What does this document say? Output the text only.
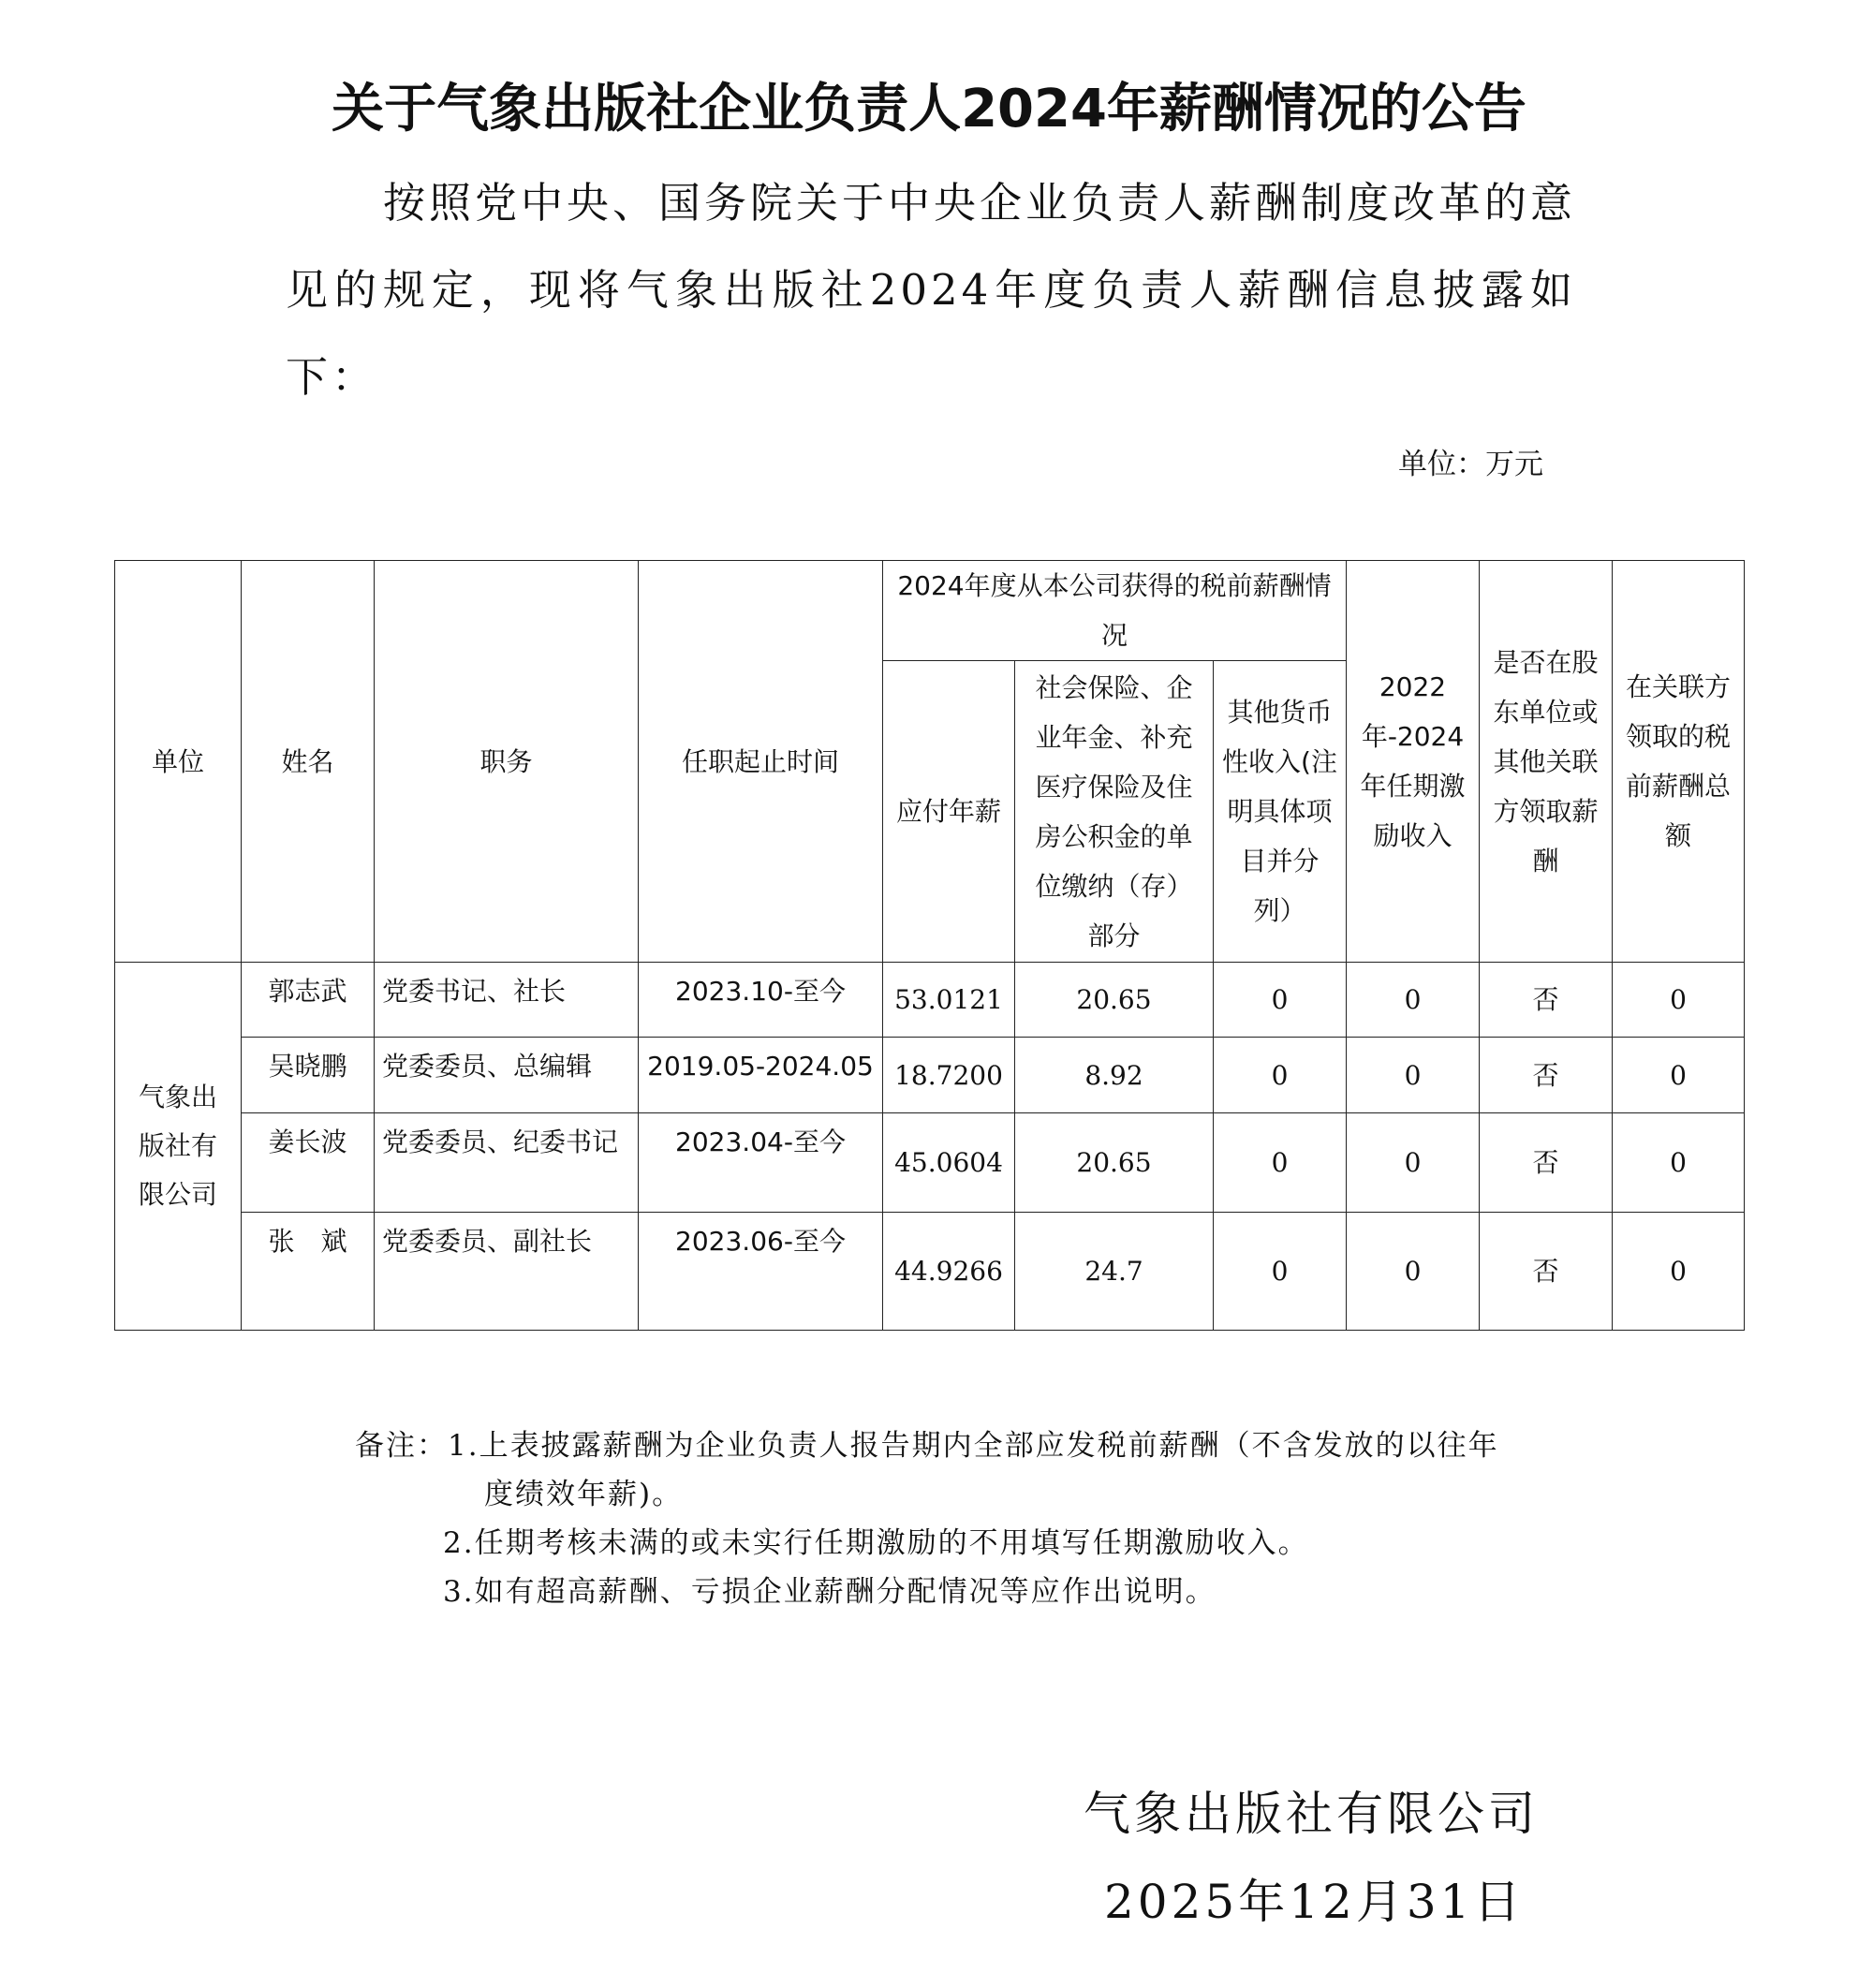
关于气象出版社企业负责人2024年薪酬情况的公告
按照党中央、国务院关于中央企业负责人薪酬制度改革的意见的规定，现将气象出版社2024年度负责人薪酬信息披露如下：
单位：万元
单位	姓名	职务	任职起止时间	2024年度从本公司获得的税前薪酬情况			2022年-2024年任期激励收入	是否在股东单位或其他关联方领取薪酬	在关联方领取的税前薪酬总额
				应付年薪	社会保险、企业年金、补充医疗保险及住房公积金的单位缴纳（存）部分	其他货币性收入(注明具体项目并分列）			
气象出版社有限公司	郭志武	党委书记、社长	2023.10-至今	53.0121	20.65	0	0	否	0
	吴晓鹏	党委委员、总编辑	2019.05-2024.05	18.7200	8.92	0	0	否	0
	姜长波	党委委员、纪委书记	2023.04-至今	45.0604	20.65	0	0	否	0
	张　斌	党委委员、副社长	2023.06-至今	44.9266	24.7	0	0	否	0
备注：1.上表披露薪酬为企业负责人报告期内全部应发税前薪酬（不含发放的以往年
度绩效年薪)。
2.任期考核未满的或未实行任期激励的不用填写任期激励收入。
3.如有超高薪酬、亏损企业薪酬分配情况等应作出说明。
气象出版社有限公司
2025年12月31日
